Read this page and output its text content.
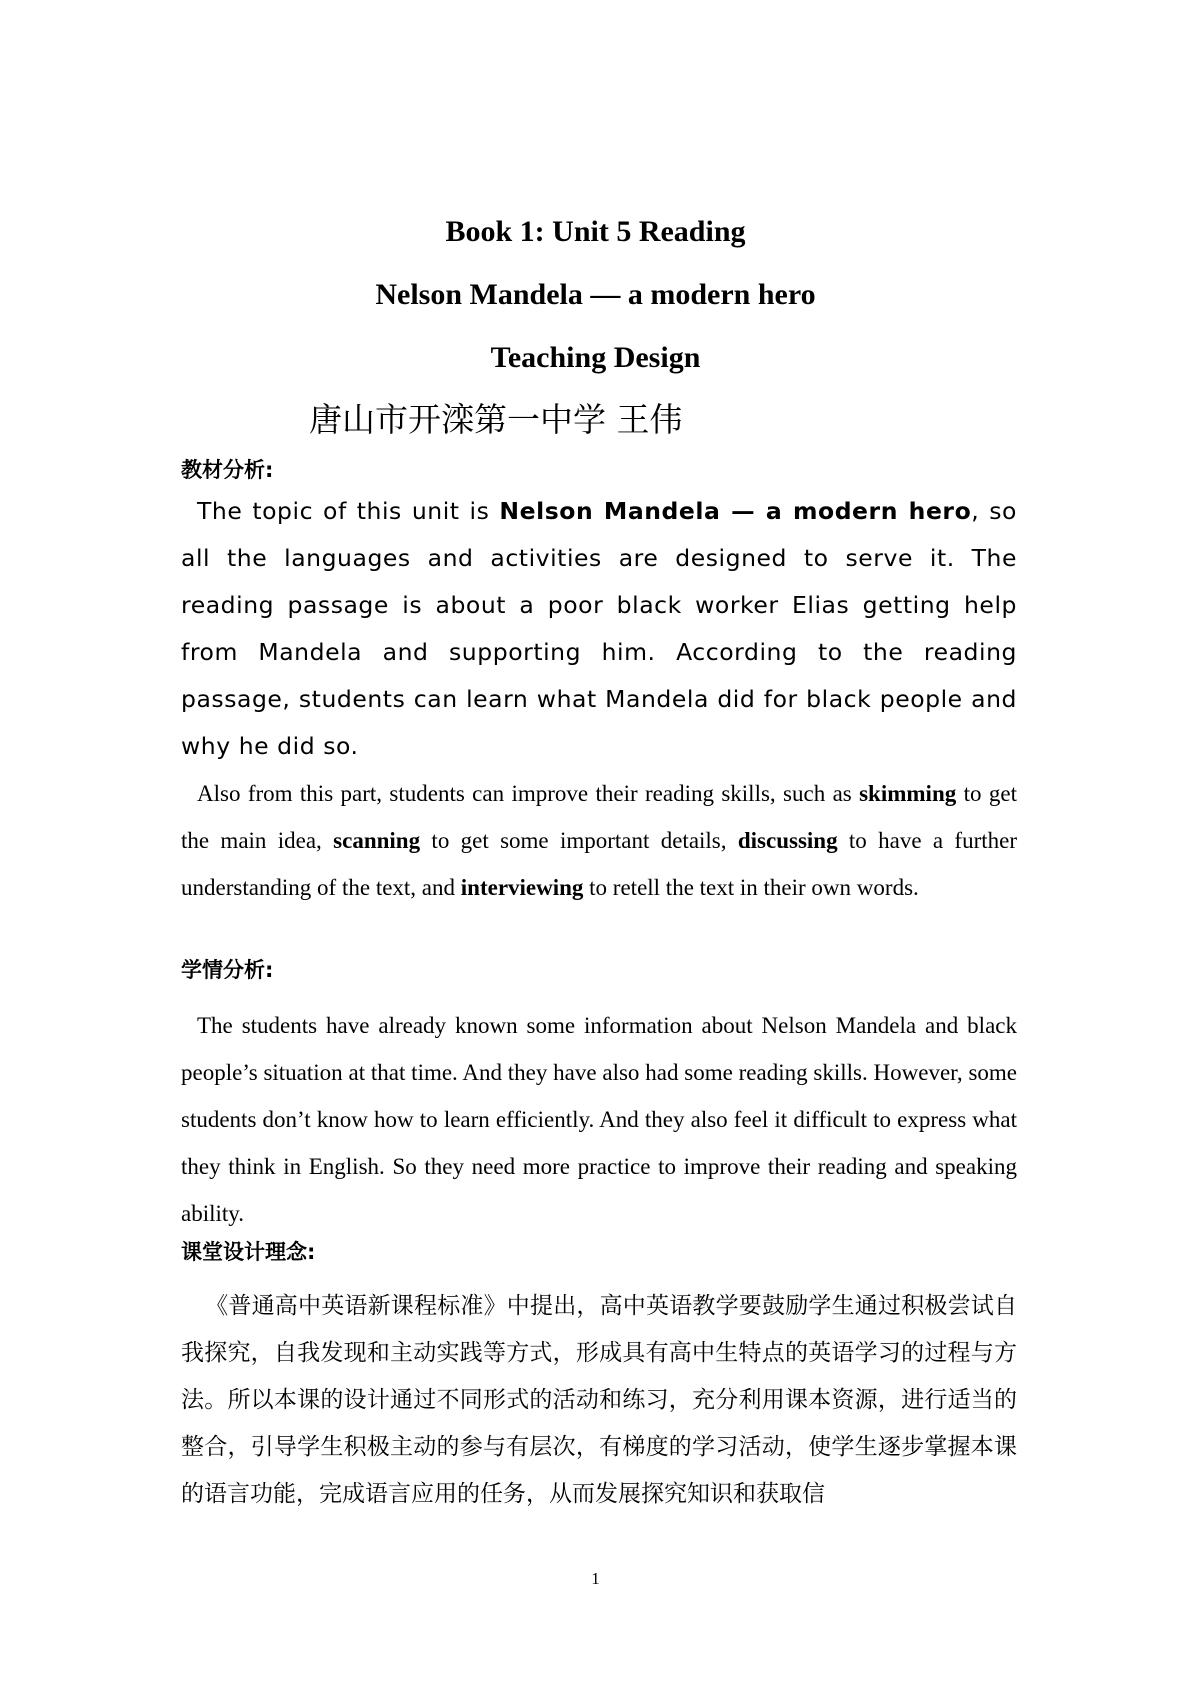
Book 1: Unit 5 Reading
Nelson Mandela — a modern hero
Teaching Design
唐山市开滦第一中学 王伟
教材分析:
The topic of this unit is Nelson Mandela — a modern hero, so all the languages and activities are designed to serve it. The reading passage is about a poor black worker Elias getting help from Mandela and supporting him. According to the reading passage, students can learn what Mandela did for black people and why he did so.
Also from this part, students can improve their reading skills, such as skimming to get the main idea, scanning to get some important details, discussing to have a further understanding of the text, and interviewing to retell the text in their own words.
学情分析:
The students have already known some information about Nelson Mandela and black people’s situation at that time. And they have also had some reading skills. However, some students don’t know how to learn efficiently. And they also feel it difficult to express what they think in English. So they need more practice to improve their reading and speaking ability.
课堂设计理念:
《普通高中英语新课程标准》中提出，高中英语教学要鼓励学生通过积极尝试自我探究，自我发现和主动实践等方式，形成具有高中生特点的英语学习的过程与方法。所以本课的设计通过不同形式的活动和练习，充分利用课本资源，进行适当的整合，引导学生积极主动的参与有层次，有梯度的学习活动，使学生逐步掌握本课的语言功能，完成语言应用的任务，从而发展探究知识和获取信
1
